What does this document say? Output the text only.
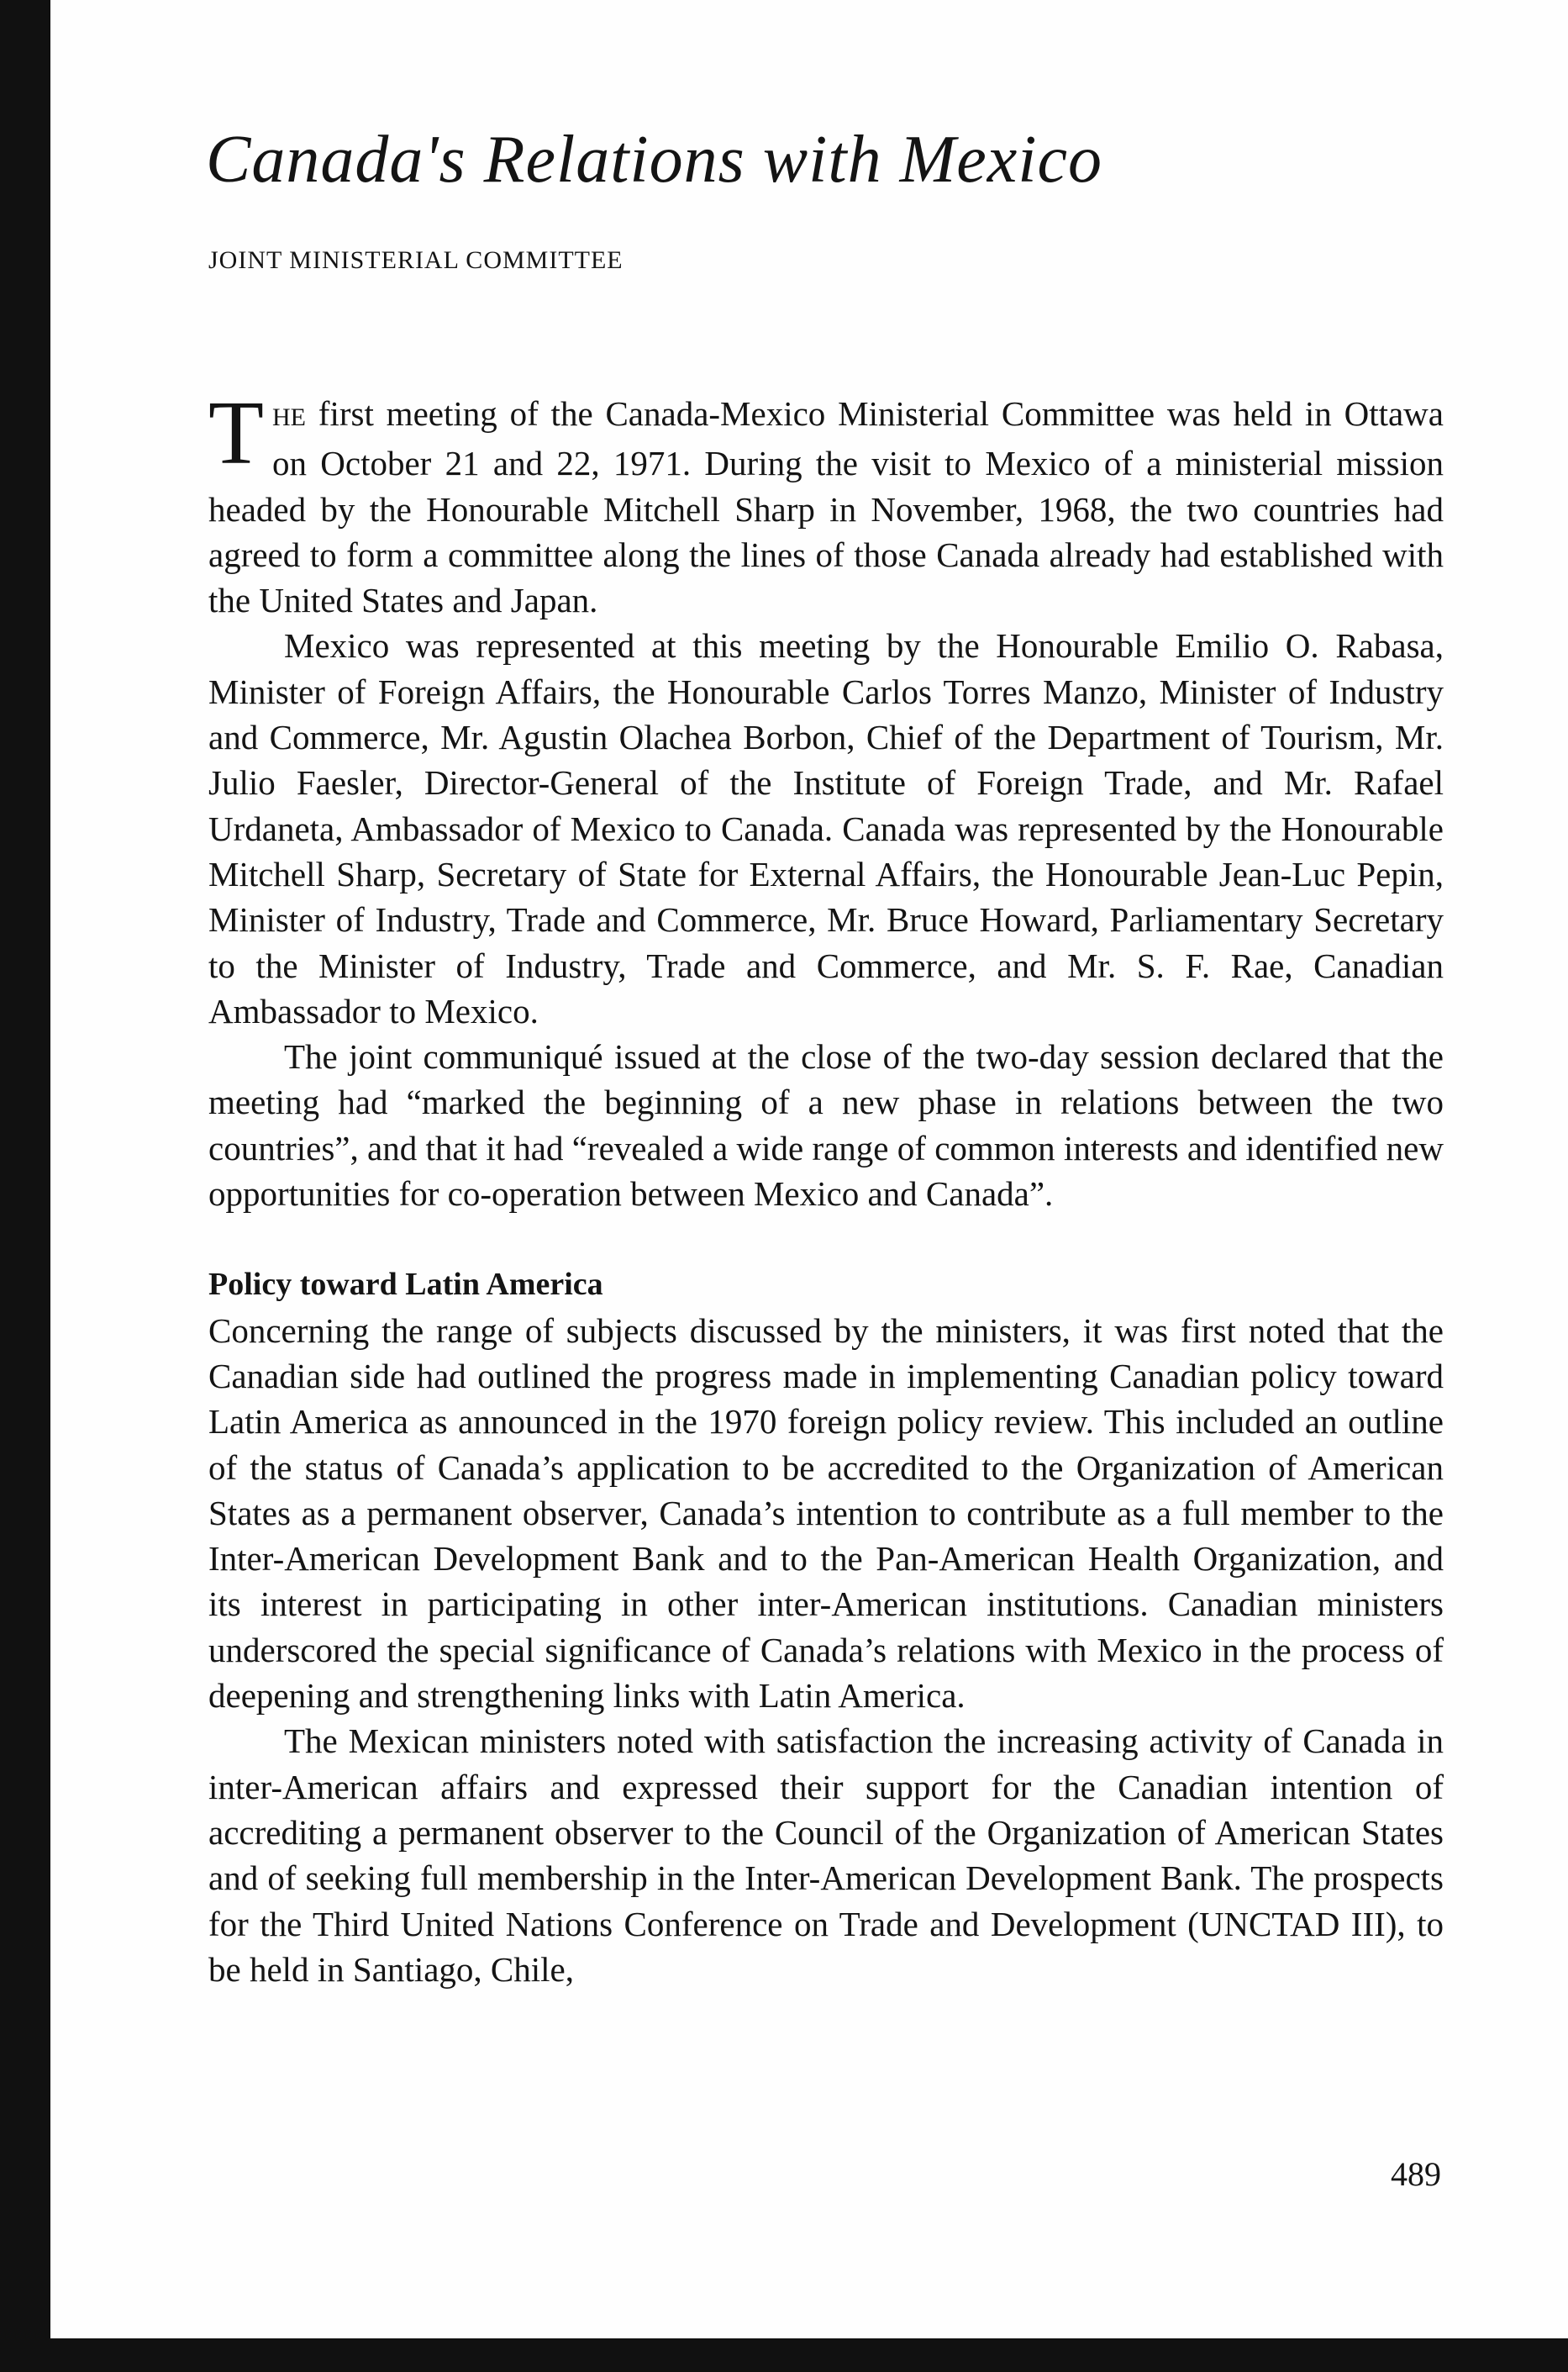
Canada's Relations with Mexico

JOINT MINISTERIAL COMMITTEE

THE first meeting of the Canada-Mexico Ministerial Committee was held in Ottawa on October 21 and 22, 1971. During the visit to Mexico of a ministerial mission headed by the Honourable Mitchell Sharp in November, 1968, the two countries had agreed to form a committee along the lines of those Canada already had established with the United States and Japan.

Mexico was represented at this meeting by the Honourable Emilio O. Rabasa, Minister of Foreign Affairs, the Honourable Carlos Torres Manzo, Minister of Industry and Commerce, Mr. Agustin Olachea Borbon, Chief of the Department of Tourism, Mr. Julio Faesler, Director-General of the Institute of Foreign Trade, and Mr. Rafael Urdaneta, Ambassador of Mexico to Canada. Canada was represented by the Honourable Mitchell Sharp, Secretary of State for External Affairs, the Honourable Jean-Luc Pepin, Minister of Industry, Trade and Commerce, Mr. Bruce Howard, Parliamentary Secretary to the Minister of Industry, Trade and Commerce, and Mr. S. F. Rae, Canadian Ambassador to Mexico.

The joint communiqué issued at the close of the two-day session declared that the meeting had “marked the beginning of a new phase in relations between the two countries”, and that it had “revealed a wide range of common interests and identified new opportunities for co-operation between Mexico and Canada”.

Policy toward Latin America

Concerning the range of subjects discussed by the ministers, it was first noted that the Canadian side had outlined the progress made in implementing Canadian policy toward Latin America as announced in the 1970 foreign policy review. This included an outline of the status of Canada’s application to be accredited to the Organization of American States as a permanent observer, Canada’s intention to contribute as a full member to the Inter-American Development Bank and to the Pan-American Health Organization, and its interest in participating in other inter-American institutions. Canadian ministers underscored the special significance of Canada’s relations with Mexico in the process of deepening and strengthening links with Latin America.

The Mexican ministers noted with satisfaction the increasing activity of Canada in inter-American affairs and expressed their support for the Canadian intention of accrediting a permanent observer to the Council of the Organization of American States and of seeking full membership in the Inter-American Development Bank. The prospects for the Third United Nations Conference on Trade and Development (UNCTAD III), to be held in Santiago, Chile,

489
